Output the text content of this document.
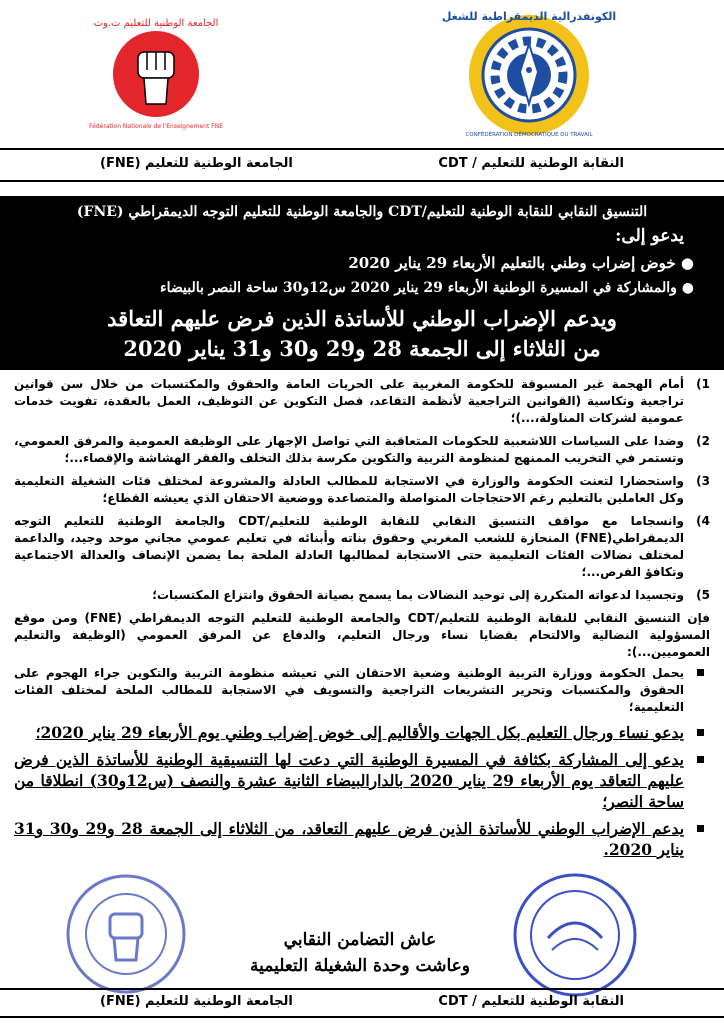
الجامعة الوطنية للتعليم ت.وت
Fédération Nationale de l'Enseignement FNE
الكونفدرالية الديمقراطية للشغل
CONFÉDÉRATION DÉMOCRATIQUE DU TRAVAIL
النقابة الوطنية للتعليم / CDT
الجامعة الوطنية للتعليم (FNE)
التنسيق النقابي للنقابة الوطنية للتعليم/CDT والجامعة الوطنية للتعليم التوجه الديمقراطي (FNE)
يدعو إلى:
● خوض إضراب وطني بالتعليم الأربعاء 29 يناير 2020
● والمشاركة في المسيرة الوطنية الأربعاء 29 يناير 2020 س12و30 ساحة النصر بالبيضاء
ويدعم الإضراب الوطني للأساتذة الذين فرض عليهم التعاقد
من الثلاثاء إلى الجمعة 28 و29 و30 و31 يناير 2020
1)
أمام الهجمة غير المسبوقة للحكومة المغربية على الحريات العامة والحقوق والمكتسبات من خلال سن قوانين تراجعية وتكاسية (القوانين التراجعية لأنظمة التقاعد، فصل التكوين عن التوظيف، العمل بالعقدة، تفويت خدمات عمومية لشركات المناولة،...)؛
2)
وضدا على السياسات اللاشعبية للحكومات المتعاقبة التي تواصل الإجهاز على الوظيفة العمومية والمرفق العمومي، وتستمر في التخريب الممنهج لمنظومة التربية والتكوين مكرسة بذلك التخلف والفقر الهشاشة والإقصاء...؛
3)
واستحضارا لتعنت الحكومة والوزارة في الاستجابة للمطالب العادلة والمشروعة لمختلف فئات الشغيلة التعليمية وكل العاملين بالتعليم رغم الاحتجاجات المتواصلة والمتصاعدة ووضعية الاحتقان الذي يعيشه القطاع؛
4)
وانسجاما مع مواقف التنسيق النقابي للنقابة الوطنية للتعليم/CDT والجامعة الوطنية للتعليم التوجه الديمقراطي(FNE) المنحازة للشعب المغربي وحقوق بناته وأبنائه في تعليم عمومي مجاني موحد وجيد، والداعمة لمختلف نضالات الفئات التعليمية حتى الاستجابة لمطالبها العادلة الملحة بما يضمن الإنصاف والعدالة الاجتماعية وتكافؤ الفرص...؛
5)
وتجسيدا لدعواته المتكررة إلى توحيد النضالات بما يسمح بصيانة الحقوق وانتزاع المكتسبات؛
فإن التنسيق النقابي للنقابة الوطنية للتعليم/CDT والجامعة الوطنية للتعليم التوجه الديمقراطي (FNE) ومن موقع المسؤولية النضالية والالتحام بقضايا نساء ورجال التعليم، والدفاع عن المرفق العمومي (الوظيفة والتعليم العموميين...):
يحمل الحكومة ووزارة التربية الوطنية وضعية الاحتقان التي تعيشه منظومة التربية والتكوين جراء الهجوم على الحقوق والمكتسبات وتحرير التشريعات التراجعية والتسويف في الاستجابة للمطالب الملحة لمختلف الفئات التعليمية؛
يدعو نساء ورجال التعليم بكل الجهات والأقاليم إلى خوض إضراب وطني يوم الأربعاء 29 يناير 2020؛
يدعو إلى المشاركة بكثافة في المسيرة الوطنية التي دعت لها التنسيقية الوطنية للأساتذة الذين فرض عليهم التعاقد يوم الأربعاء 29 يناير 2020 بالدارالبيضاء الثانية عشرة والنصف (س12و30) انطلاقا من ساحة النصر؛
يدعم الإضراب الوطني للأساتذة الذين فرض عليهم التعاقد، من الثلاثاء إلى الجمعة 28 و29 و30 و31 يناير 2020.
عاش التضامن النقابي
وعاشت وحدة الشغيلة التعليمية
النقابة الوطنية للتعليم / CDT
الجامعة الوطنية للتعليم (FNE)
